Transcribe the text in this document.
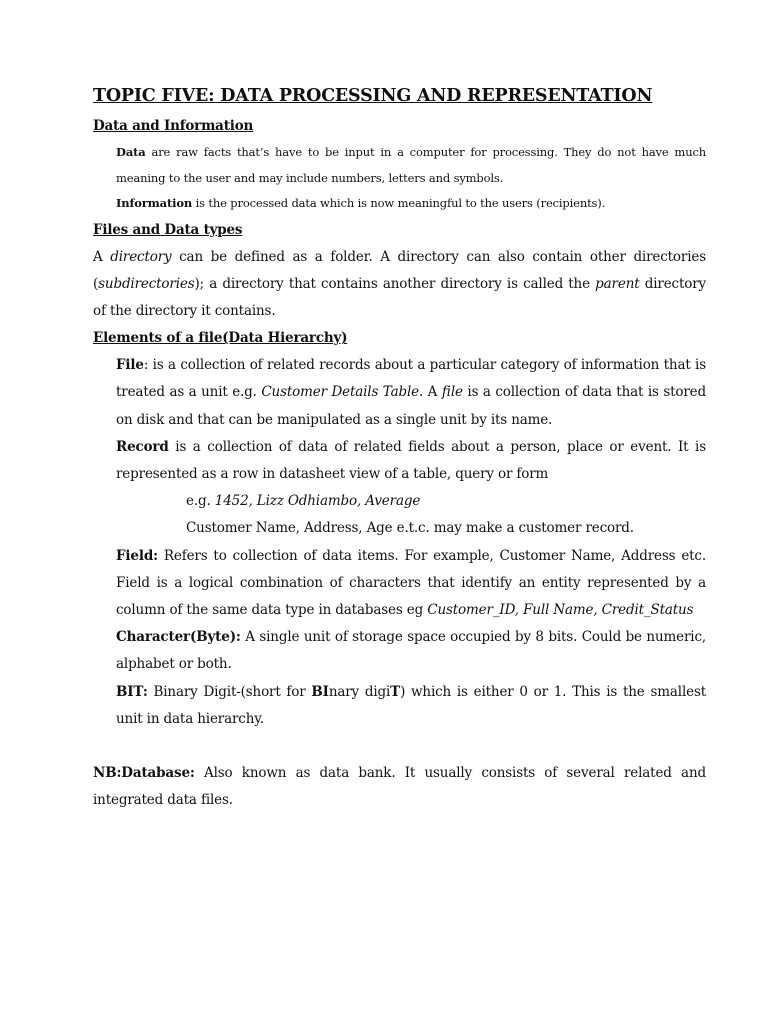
TOPIC FIVE: DATA PROCESSING AND REPRESENTATION
Data and Information

Data are raw facts that’s have to be input in a computer for processing. They do not have much meaning to the user and may include numbers, letters and symbols.

Information is the processed data which is now meaningful to the users (recipients).

Files and Data types

A directory can be defined as a folder. A directory can also contain other directories (subdirectories); a directory that contains another directory is called the parent directory of the directory it contains.

Elements of a file(Data Hierarchy)

File: is a collection of related records about a particular category of information that is treated as a unit e.g. Customer Details Table. A file is a collection of data that is stored on disk and that can be manipulated as a single unit by its name.

Record is a collection of data of related fields about a person, place or event. It is represented as a row in datasheet view of a table, query or form

e.g. 1452, Lizz Odhiambo, Average
Customer Name, Address, Age e.t.c. may make a customer record.

Field: Refers to collection of data items. For example, Customer Name, Address etc. Field is a logical combination of characters that identify an entity represented by a column of the same data type in databases eg Customer_ID, Full Name, Credit_Status

Character(Byte): A single unit of storage space occupied by 8 bits. Could be numeric, alphabet or both.

BIT: Binary Digit-(short for BInary digiT) which is either 0 or 1. This is the smallest unit in data hierarchy.

NB:Database: Also known as data bank. It usually consists of several related and integrated data files.
